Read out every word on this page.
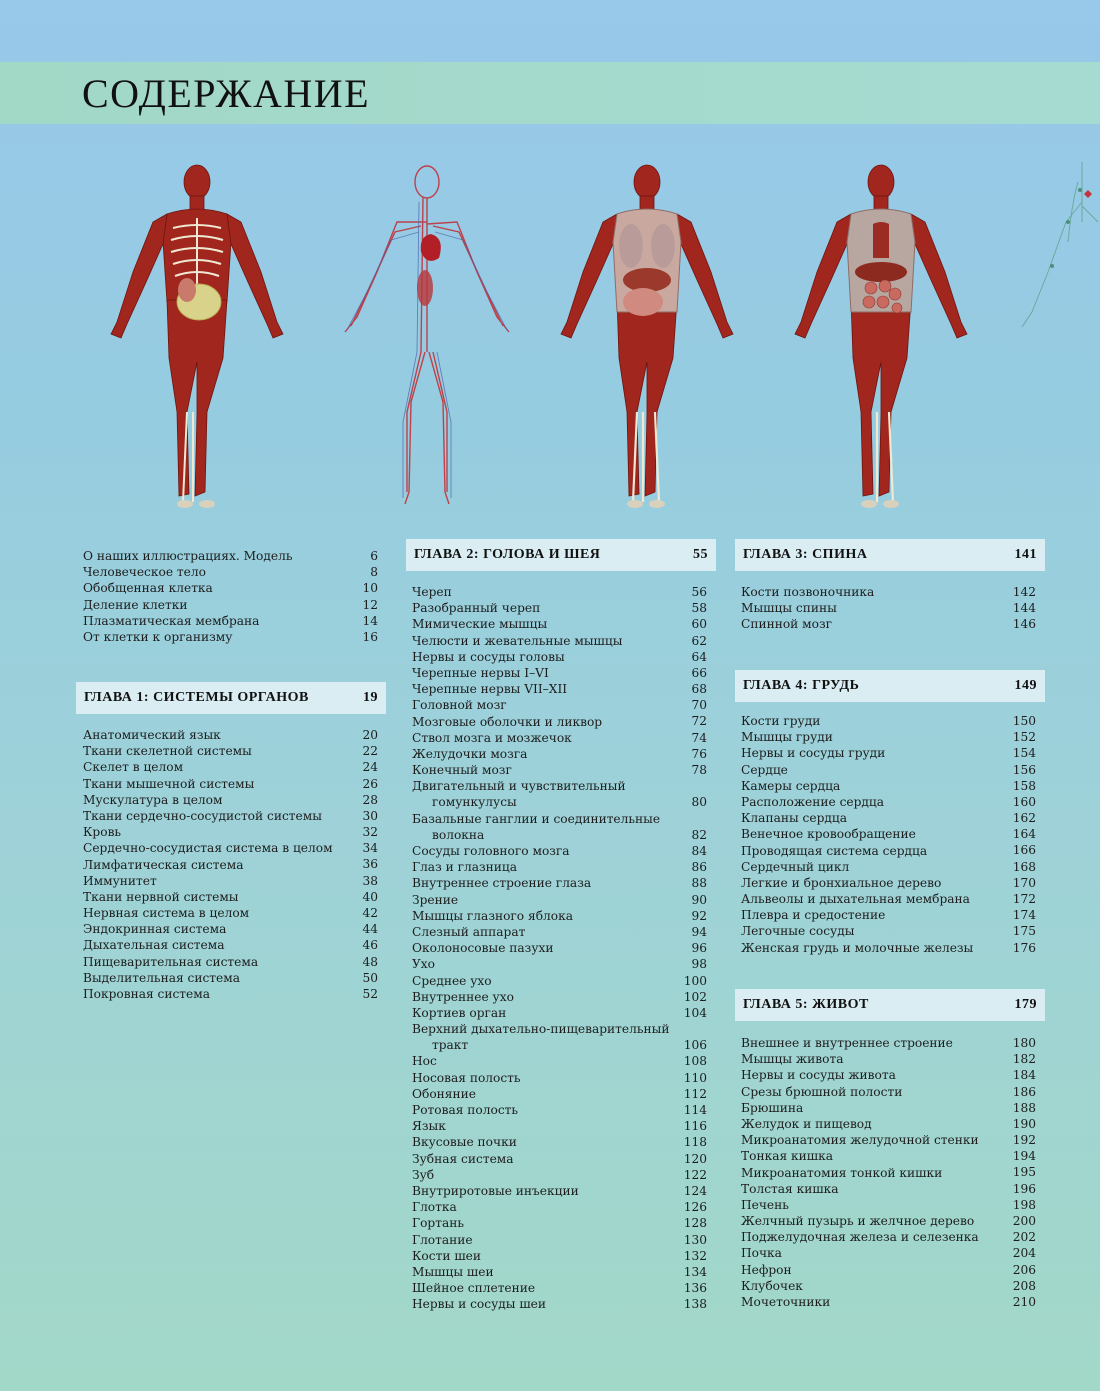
СОДЕРЖАНИЕ
О наших иллюстрациях. Модель	6
Человеческое тело	8
Обобщенная клетка	10
Деление клетки	12
Плазматическая мембрана	14
От клетки к организму	16
ГЛАВА 1: СИСТЕМЫ ОРГАНОВ	19
Анатомический язык	20
Ткани скелетной системы	22
Скелет в целом	24
Ткани мышечной системы	26
Мускулатура в целом	28
Ткани сердечно-сосудистой системы	30
Кровь	32
Сердечно-сосудистая система в целом 34
Лимфатическая система	36
Иммунитет	38
Ткани нервной системы	40
Нервная система в целом	42
Эндокринная система	44
Дыхательная система	46
Пищеварительная система	48
Выделительная система	50
Покровная система	52
ГЛАВА 2: ГОЛОВА И ШЕЯ	55
Череп	56
Разобранный череп	58
Мимические мышцы	60
Челюсти и жевательные мышцы	62
Нервы и сосуды головы	64
Черепные нервы I–VI	66
Черепные нервы VII–XII	68
Головной мозг	70
Мозговые оболочки и ликвор	72
Ствол мозга и мозжечок	74
Желудочки мозга	76
Конечный мозг	78
Двигательный и чувствительный
гомункулусы	80
Базальные ганглии и соединительные
волокна	82
Сосуды головного мозга	84
Глаз и глазница	86
Внутреннее строение глаза	88
Зрение	90
Мышцы глазного яблока	92
Слезный аппарат	94
Околоносовые пазухи	96
Ухо	98
Среднее ухо	100
Внутреннее ухо	102
Кортиев орган	104
Верхний дыхательно-пищеварительный
тракт	106
Нос	108
Носовая полость	110
Обоняние	112
Ротовая полость	114
Язык	116
Вкусовые почки	118
Зубная система	120
Зуб	122
Внутриротовые инъекции	124
Глотка	126
Гортань	128
Глотание	130
Кости шеи	132
Мышцы шеи	134
Шейное сплетение	136
Нервы и сосуды шеи	138
ГЛАВА 3: СПИНА	141
Кости позвоночника	142
Мышцы спины	144
Спинной мозг	146
ГЛАВА 4: ГРУДЬ	149
Кости груди	150
Мышцы груди	152
Нервы и сосуды груди	154
Сердце	156
Камеры сердца	158
Расположение сердца	160
Клапаны сердца	162
Венечное кровообращение	164
Проводящая система сердца	166
Сердечный цикл	168
Легкие и бронхиальное дерево	170
Альвеолы и дыхательная мембрана	172
Плевра и средостение	174
Легочные сосуды	175
Женская грудь и молочные железы	176
ГЛАВА 5: ЖИВОТ	179
Внешнее и внутреннее строение	180
Мышцы живота	182
Нервы и сосуды живота	184
Срезы брюшной полости	186
Брюшина	188
Желудок и пищевод	190
Микроанатомия желудочной стенки	192
Тонкая кишка	194
Микроанатомия тонкой кишки	195
Толстая кишка	196
Печень	198
Желчный пузырь и желчное дерево	200
Поджелудочная железа и селезенка	202
Почка	204
Нефрон	206
Клубочек	208
Мочеточники	210
